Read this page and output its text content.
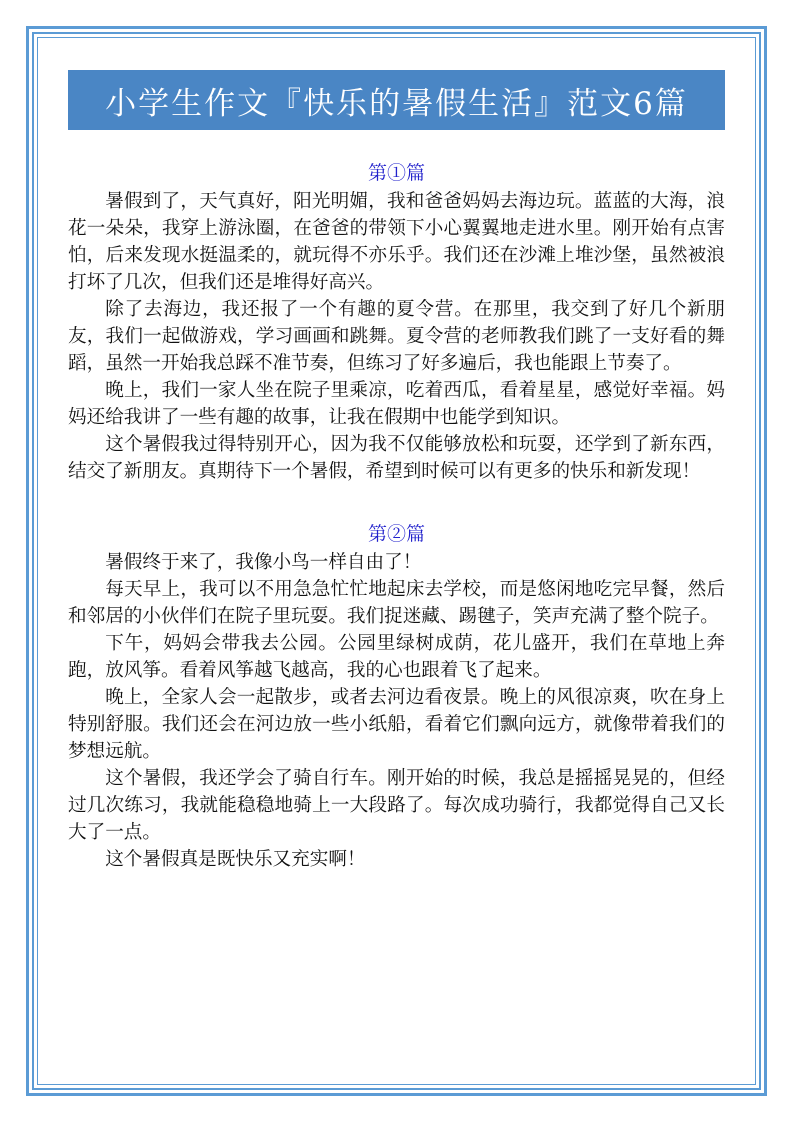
小学生作文『快乐的暑假生活』范文6篇
第①篇

暑假到了，天气真好，阳光明媚，我和爸爸妈妈去海边玩。蓝蓝的大海，浪花一朵朵，我穿上游泳圈，在爸爸的带领下小心翼翼地走进水里。刚开始有点害怕，后来发现水挺温柔的，就玩得不亦乐乎。我们还在沙滩上堆沙堡，虽然被浪打坏了几次，但我们还是堆得好高兴。

除了去海边，我还报了一个有趣的夏令营。在那里，我交到了好几个新朋友，我们一起做游戏，学习画画和跳舞。夏令营的老师教我们跳了一支好看的舞蹈，虽然一开始我总踩不准节奏，但练习了好多遍后，我也能跟上节奏了。

晚上，我们一家人坐在院子里乘凉，吃着西瓜，看着星星，感觉好幸福。妈妈还给我讲了一些有趣的故事，让我在假期中也能学到知识。

这个暑假我过得特别开心，因为我不仅能够放松和玩耍，还学到了新东西，结交了新朋友。真期待下一个暑假，希望到时候可以有更多的快乐和新发现！

第②篇

暑假终于来了，我像小鸟一样自由了！

每天早上，我可以不用急急忙忙地起床去学校，而是悠闲地吃完早餐，然后和邻居的小伙伴们在院子里玩耍。我们捉迷藏、踢毽子，笑声充满了整个院子。

下午，妈妈会带我去公园。公园里绿树成荫，花儿盛开，我们在草地上奔跑，放风筝。看着风筝越飞越高，我的心也跟着飞了起来。

晚上，全家人会一起散步，或者去河边看夜景。晚上的风很凉爽，吹在身上特别舒服。我们还会在河边放一些小纸船，看着它们飘向远方，就像带着我们的梦想远航。

这个暑假，我还学会了骑自行车。刚开始的时候，我总是摇摇晃晃的，但经过几次练习，我就能稳稳地骑上一大段路了。每次成功骑行，我都觉得自己又长大了一点。

这个暑假真是既快乐又充实啊！
